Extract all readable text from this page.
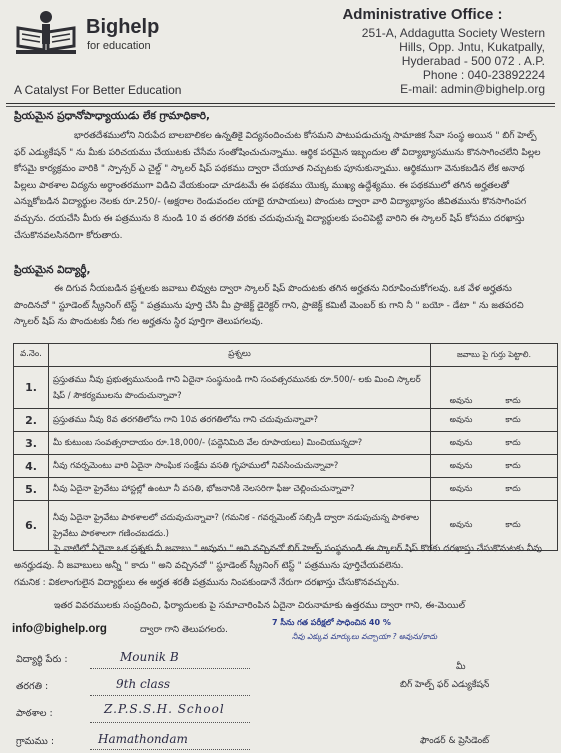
Bighelp
for education
A Catalyst For Better Education
Administrative Office :
251-A, Addagutta Society Western
Hills, Opp. Jntu, Kukatpally,
Hyderabad - 500 072 . A.P.
Phone : 040-23892224
E-mail: admin@bighelp.org
ప్రియమైన ప్రధానోపాధ్యాయుడు లేక గ్రామాధికారి,
భారతదేశములోని నిరుపేద బాలబాలికల ఉన్నతికై విద్యనందించుట కోసమని పాటుపడుచున్న సామాజిక సేవా సంస్థ అయిన " బిగ్ హెల్ప్ ఫర్ ఎడ్యుకేషన్ " ను మీకు పరిచయము చేయుటకు చేసేమ సంతోషించుచున్నాము. ఆర్థిక పరమైన ఇబ్బందుల తో విద్యాభ్యాసమును కొనసాగించలేని పిల్లల కోసమై కార్యక్రమం వారికి " స్పాన్సర్ ఎ చైల్డ్ " స్కాలర్ షిప్ పథకము ద్వారా చేయూత నిచ్చుటకు పూనుకున్నాము. ఆర్థికముగా వెనుకబడిన లేక అనాథ పిల్లలు పాఠశాల విద్యను అర్ధాంతరముగా విడిచి వేయకుండా చూడటమే ఈ పథకము యొక్క ముఖ్య ఉద్దేశ్యము. ఈ పథకములో తగిన అర్హతలతో ఎన్నుకోబడిన విద్యార్థుల నెలకు రూ.250/- (అక్షరాల రెండువందల యాభై రూపాయలు) పొందుట ద్వారా వారి విద్యాభ్యాసం జీవితమును కొనసాగింపగ వచ్చును. దయచేసి మీరు ఈ పత్రమును 8 నుండి 10 వ తరగతి వరకు చదువుచున్న విద్యార్థులకు పంచిపెట్టి వారిని ఈ స్కాలర్ షిప్ కోసము దరఖాస్తు చేసుకొనవలసినదిగా కోరుతారు.
ప్రియమైన విద్యార్థీ,
ఈ దిగువ నీయబడిన ప్రశ్నలకు జవాబు లివ్వుట ద్వారా స్కాలర్ షిప్ పొందుటకు తగిన అర్హతను నిరూపించుకోగలవు. ఒక వేళ అర్హతను పొందినచో " స్టూడెంట్ స్క్రీనింగ్ టెస్ట్ " పత్రమును పూర్తి చేసి మీ ప్రాజెక్ట్ డైరెక్టర్ గాని, ప్రాజెక్ట్ కమిటీ మెంబర్ కు గాని నీ " బయో - డేటా " ను జతపరచి స్కాలర్ షిప్ ను పొందుటకు నీకు గల అర్హతను స్థిర పూర్తిగా తెలుపగలవు.
వ.నెం.	ప్రశ్నలు	జవాబు పై గుర్తు పెట్టాలి.
1.	ప్రస్తుతము నీవు ప్రభుత్వమునుండి గాని ఏదైనా సంస్థనుండి గాని సంవత్సరమునకు రూ.500/- లకు మించి స్కాలర్ షిప్ / సౌకర్యములను పొందుచున్నావా?	అవును కాదు
2.	ప్రస్తుతము నీవు 8వ తరగతిలోను గాని 10వ తరగతిలోను గాని చదువుచున్నావా?	అవును కాదు
3.	మీ కుటుంబ సంవత్సరాదాయం రూ.18,000/- (పద్దెనిమిది వేల రూపాయలు) మించియున్నదా?	అవును కాదు
4.	నీవు గవర్నమెంటు వారి ఏదైనా సాంఘిక సంక్షేమ వసతి గృహములో నివసించుచున్నావా?	అవును కాదు
5.	నీవు ఏదైనా ప్రైవేటు హాస్టల్లో ఉంటూ నీ వసతి, భోజనానికి నెలసరిగా ఫీజు చెల్లించుచున్నావా?	అవును కాదు
6.	నీవు ఏదైనా ప్రైవేటు పాఠశాలలో చదువుచున్నావా? (గమనిక - గవర్నమెంట్ సబ్సిడీ ద్వారా నడుపుచున్న పాఠశాల ప్రైవేటు పాఠశాలగా గణించబడదు.)	అవును కాదు
పై వాటిలో ఏదైనా ఒక ప్రశ్నకు నీ జవాబు " అవును " అని వచ్చినచో బిగ్ హెల్ప్ సంస్థనుండి ఈ స్కాలర్ షిప్ కొరకు దరఖాస్తు చేసుకొనుటకు నీవు అనర్హుడవు. నీ జవాబులు అన్నీ " కాదు " అని వచ్చినచో " స్టూడెంట్ స్క్రీనింగ్ టెస్ట్ " పత్రమును పూర్తిచేయవలెను.
గమనిక : వికలాంగులైన విద్యార్థులు ఈ అర్హత శరతీ పత్రమును నింపకుండానే నేరుగా దరఖాస్తు చేసుకొనవచ్చును.
ఇతర వివరములకు సంప్రదించి, ఫిర్యాదులకు పై సమాచారింపిన ఏదైనా చిరునామాకు ఉత్తరము ద్వారా గాని, ఈ-మెయిల్
info@bighelp.org	ద్వారా గాని తెలుపగలరు.
7 సీను గత పరీక్షలో సాధించిన 40 %
నీవు ఎక్కువ మార్కులు వచ్చాయా ? అవును/కాదు
విద్యార్థి పేరు :	Mounik B
తరగతి :	9th class
పాఠశాల :	Z.P.S.S.H. School
గ్రామము :	Hamathondam
మీ
బిగ్ హెల్ప్ ఫర్ ఎడ్యుకేషన్
ఫౌండర్ & ప్రెసిడెంట్
